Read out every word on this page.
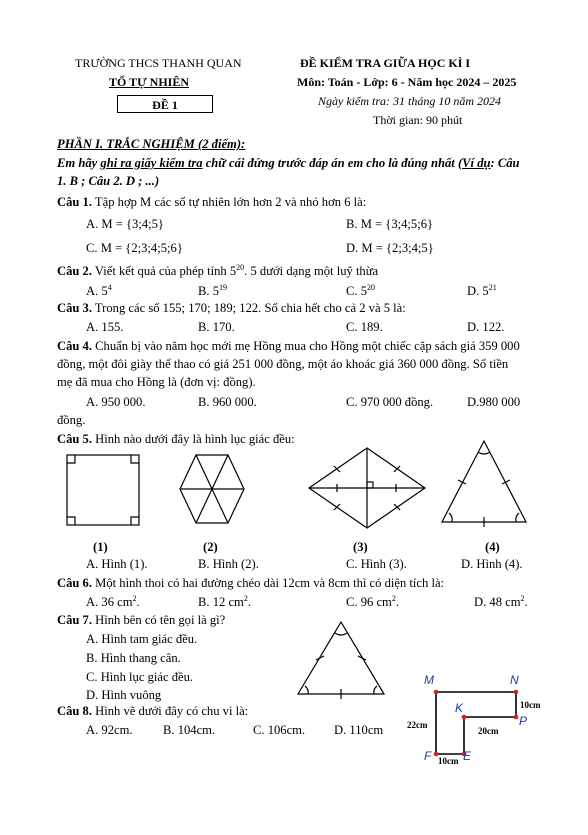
TRƯỜNG THCS THANH QUAN
TỔ TỰ NHIÊN
ĐỀ 1
ĐỀ KIỂM TRA GIỮA HỌC KÌ I
Môn: Toán - Lớp: 6 - Năm học 2024 – 2025
Ngày kiểm tra: 31 tháng 10 năm 2024
Thời gian: 90 phút
PHẦN I. TRẮC NGHIỆM (2 điểm):
Em hãy ghi ra giấy kiểm tra chữ cái đứng trước đáp án em cho là đúng nhất (Ví dụ: Câu
1. B ; Câu 2. D ; ...)
Câu 1. Tập hợp M các số tự nhiên lớn hơn 2 và nhỏ hơn 6 là:
A. M = {3;4;5}	B. M = {3;4;5;6}
C. M = {2;3;4;5;6}	D. M = {2;3;4;5}
Câu 2. Viết kết quả của phép tính $5^{20}$. 5 dưới dạng một luỹ thừa
A. $5^4$	B. $5^{19}$	C. $5^{20}$	D. $5^{21}$
Câu 3. Trong các số 155; 170; 189; 122. Số chia hết cho cả 2 và 5 là:
A. 155.	B. 170.	C. 189.	D. 122.
Câu 4. Chuẩn bị vào năm học mới mẹ Hồng mua cho Hồng một chiếc cặp sách giá 359 000
đồng, một đôi giày thể thao có giá 251 000 đồng, một áo khoác giá 360 000 đồng. Số tiền
mẹ đã mua cho Hồng là (đơn vị: đồng).
A. 950 000.	B. 960 000.	C. 970 000 đồng.	D.980 000
đồng.
Câu 5. Hình nào dưới đây là hình lục giác đều:
(1)	(2)	(3)	(4)
A. Hình (1).	B. Hình (2).	C. Hình (3).	D. Hình (4).
Câu 6. Một hình thoi có hai đường chéo dài 12cm và 8cm thì có diện tích là:
A. 36 $cm^2$.	B. 12 $cm^2$.	C. 96 $cm^2$.	D. 48 $cm^2$.
Câu 7. Hình bên có tên gọi là gì?
A. Hình tam giác đều.
B. Hình thang cân.
C. Hình lục giác đều.
D. Hình vuông
Câu 8. Hình vẽ dưới đây có chu vi là:
A. 92cm. B. 104cm.	C. 106cm. D. 110cm
M	N
K
P
F	E
10cm
20cm
22cm
10cm
